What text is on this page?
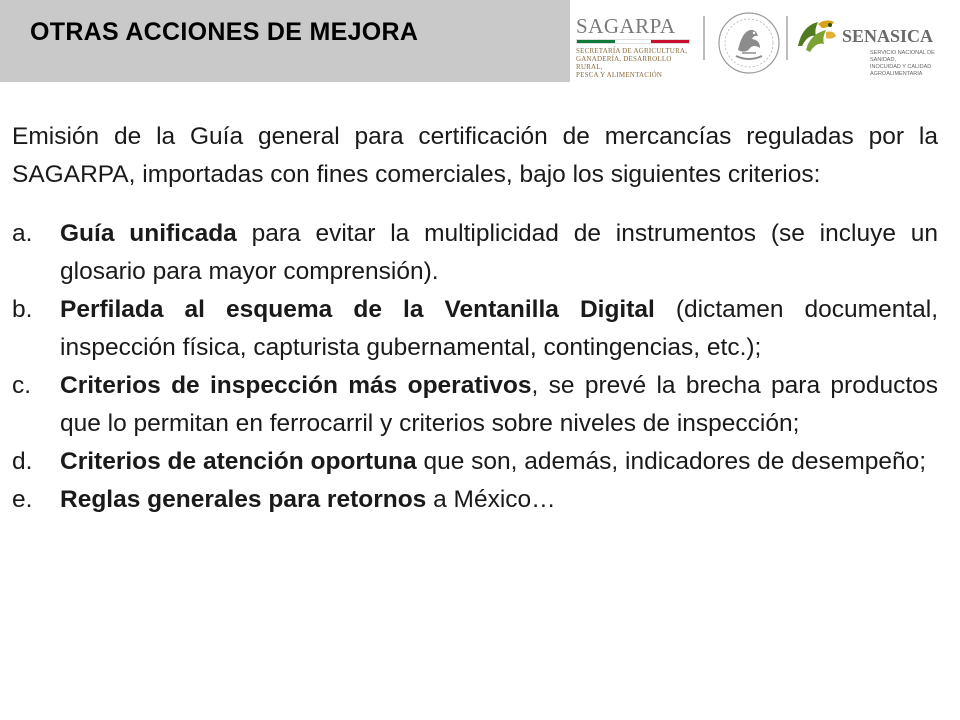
OTRAS ACCIONES DE MEJORA	SAGARPA
SECRETARÍA DE AGRICULTURA,
GANADERÍA, DESARROLLO RURAL,
PESCA Y ALIMENTACIÓN
SENASICA
SERVICIO NACIONAL DE SANIDAD,
INOCUIDAD Y CALIDAD AGROALIMENTARIA

Emisión de la Guía general para certificación de mercancías reguladas por la SAGARPA, importadas con fines comerciales, bajo los siguientes criterios:

a. Guía unificada para evitar la multiplicidad de instrumentos (se incluye un glosario para mayor comprensión).
b. Perfilada al esquema de la Ventanilla Digital (dictamen documental, inspección física, capturista gubernamental, contingencias, etc.);
c. Criterios de inspección más operativos, se prevé la brecha para productos que lo permitan en ferrocarril y criterios sobre niveles de inspección;
d. Criterios de atención oportuna que son, además, indicadores de desempeño;
e. Reglas generales para retornos a México…
